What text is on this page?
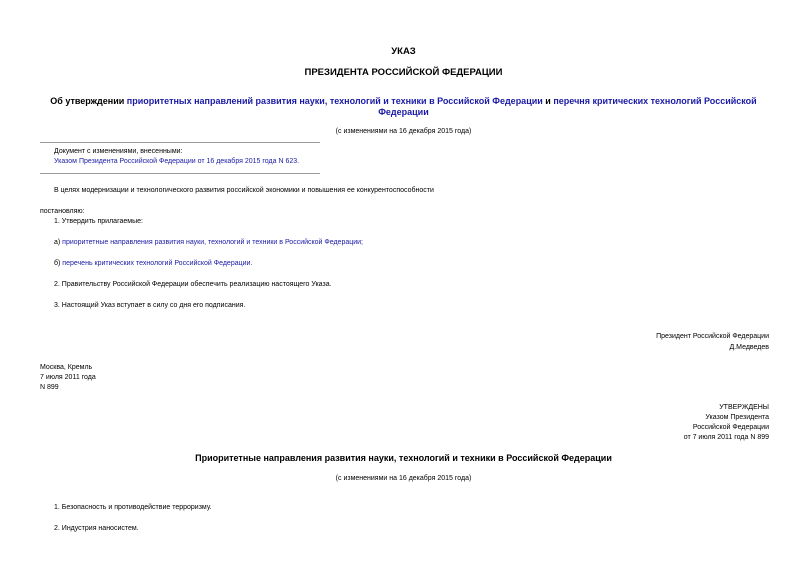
УКАЗ
ПРЕЗИДЕНТА РОССИЙСКОЙ ФЕДЕРАЦИИ
Об утверждении приоритетных направлений развития науки, технологий и техники в Российской Федерации и перечня критических технологий Российской
Федерации
(с изменениями на 16 декабря 2015 года)
Документ с изменениями, внесенными:
Указом Президента Российской Федерации от 16 декабря 2015 года N 623.
В целях модернизации и технологического развития российской экономики и повышения ее конкурентоспособности
постановляю:
1. Утвердить прилагаемые:
а) приоритетные направления развития науки, технологий и техники в Российской Федерации;
б) перечень критических технологий Российской Федерации.
2. Правительству Российской Федерации обеспечить реализацию настоящего Указа.
3. Настоящий Указ вступает в силу со дня его подписания.
Президент Российской Федерации
Д.Медведев
Москва, Кремль
7 июля 2011 года
N 899
УТВЕРЖДЕНЫ
Указом Президента
Российской Федерации
от 7 июля 2011 года N 899
Приоритетные направления развития науки, технологий и техники в Российской Федерации
(с изменениями на 16 декабря 2015 года)
1. Безопасность и противодействие терроризму.
2. Индустрия наносистем.
